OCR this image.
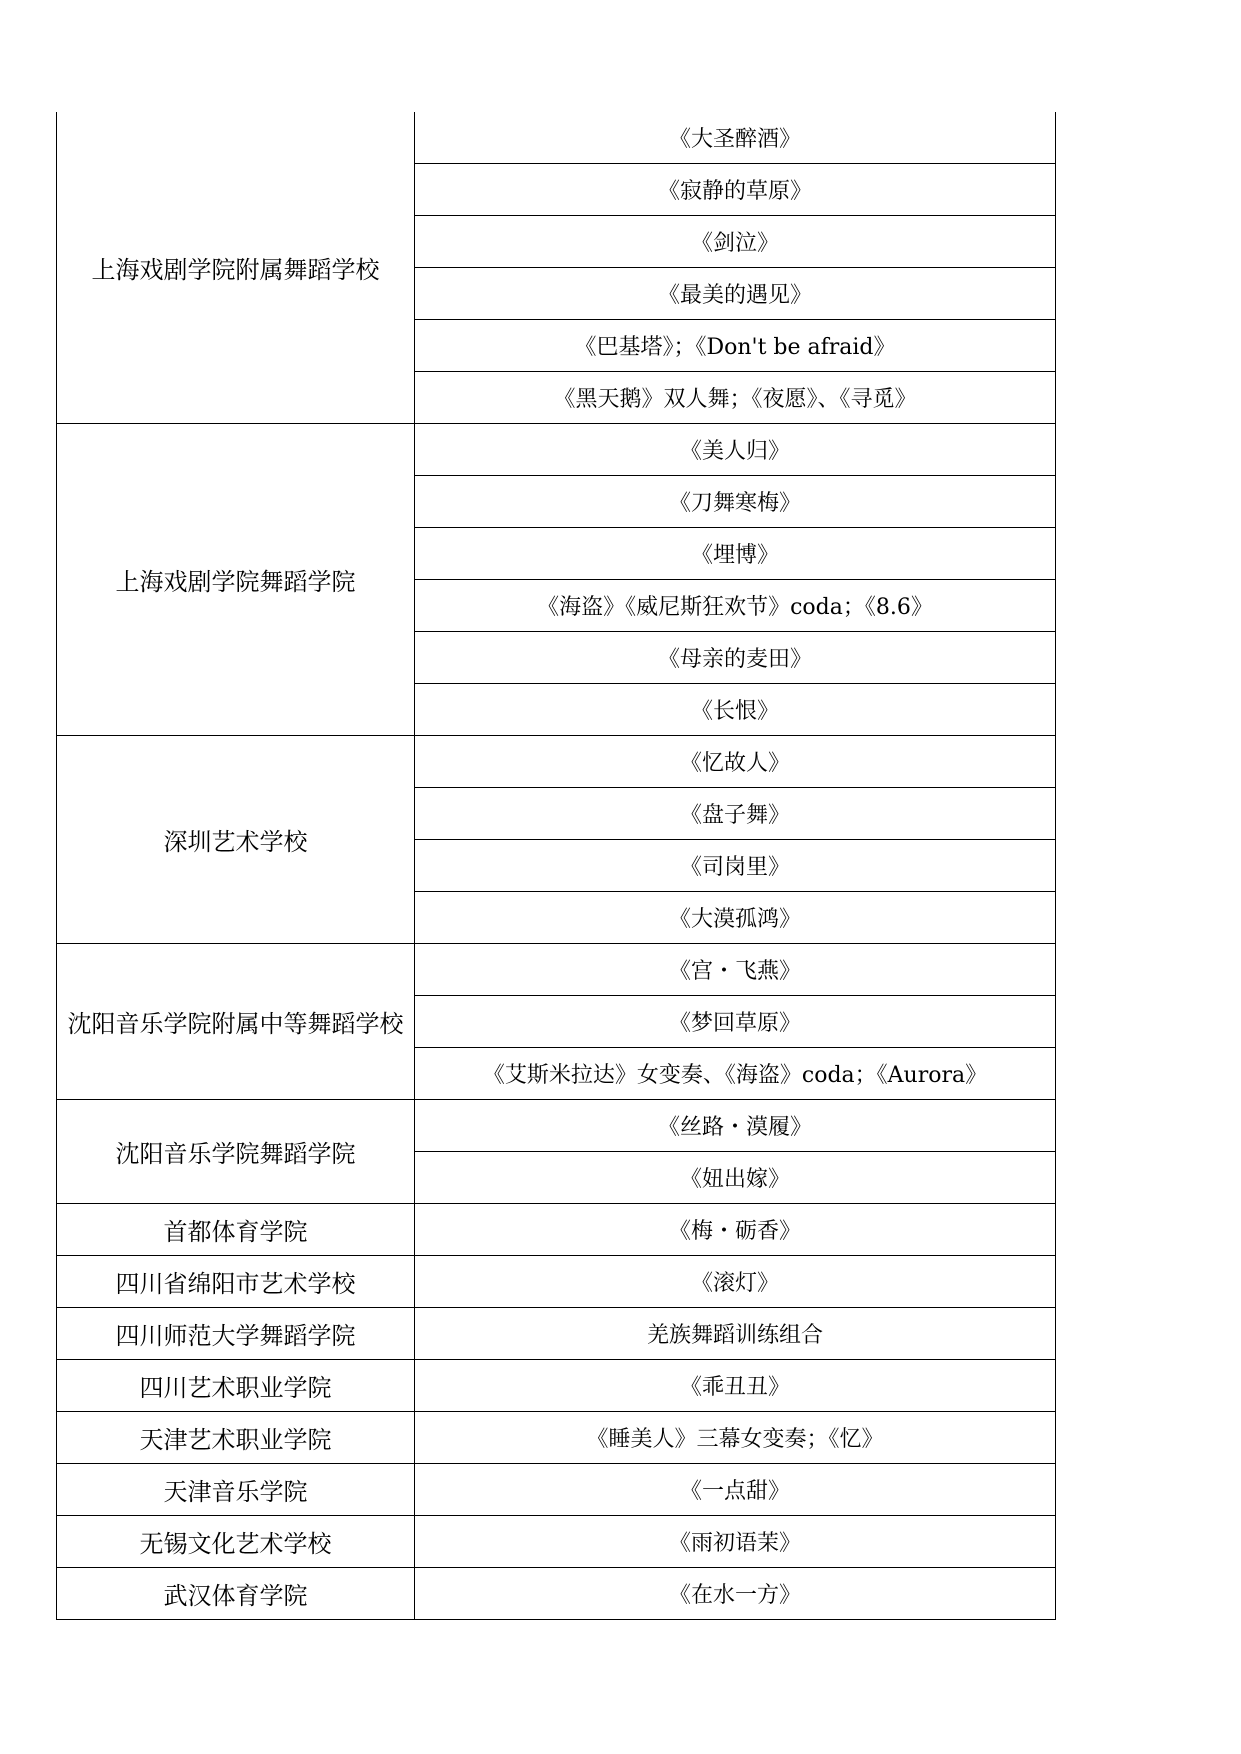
上海戏剧学院附属舞蹈学校	《大圣醉酒》
	《寂静的草原》
	《剑泣》
	《最美的遇见》
	《巴基塔》；《Don't be afraid》
	《黑天鹅》双人舞；《夜愿》、《寻觅》
上海戏剧学院舞蹈学院	《美人归》
	《刀舞寒梅》
	《埋博》
	《海盗》《威尼斯狂欢节》coda；《8.6》
	《母亲的麦田》
	《长恨》
深圳艺术学校	《忆故人》
	《盘子舞》
	《司岗里》
	《大漠孤鸿》
沈阳音乐学院附属中等舞蹈学校	《宫・飞燕》
	《梦回草原》
	《艾斯米拉达》女变奏、《海盗》coda；《Aurora》
沈阳音乐学院舞蹈学院	《丝路・漠履》
	《妞出嫁》
首都体育学院	《梅・砺香》
四川省绵阳市艺术学校	《滚灯》
四川师范大学舞蹈学院	羌族舞蹈训练组合
四川艺术职业学院	《乖丑丑》
天津艺术职业学院	《睡美人》三幕女变奏；《忆》
天津音乐学院	《一点甜》
无锡文化艺术学校	《雨初语茉》
武汉体育学院	《在水一方》
